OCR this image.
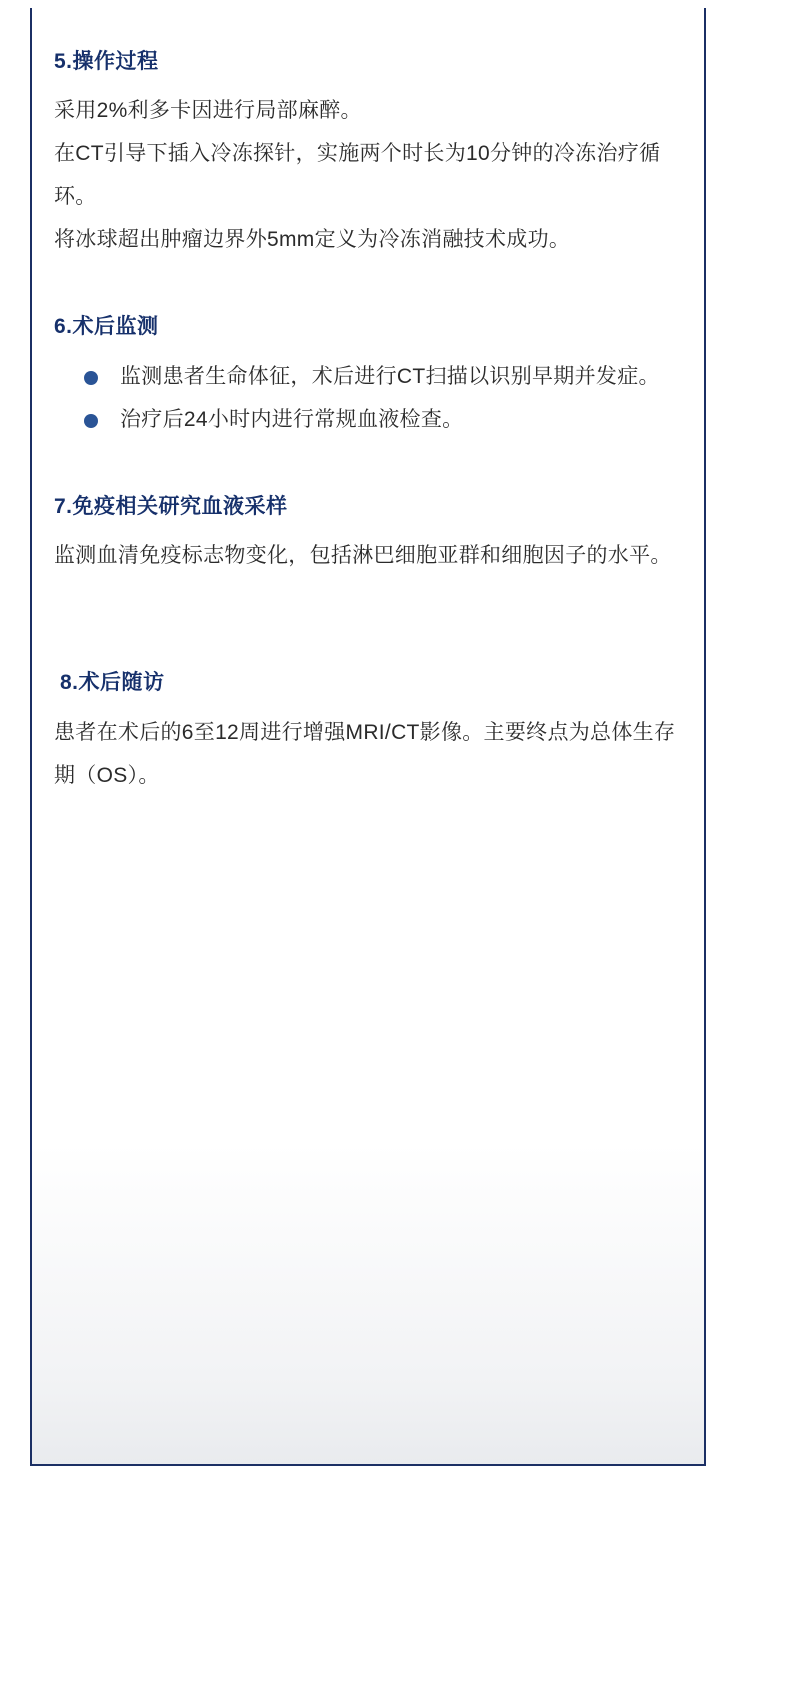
5.操作过程

采用2%利多卡因进行局部麻醉。

在CT引导下插入冷冻探针，实施两个时长为10分钟的冷冻治疗循环。

将冰球超出肿瘤边界外5mm定义为冷冻消融技术成功。

6.术后监测
监测患者生命体征，术后进行CT扫描以识别早期并发症。
治疗后24小时内进行常规血液检查。
7.免疫相关研究血液采样

监测血清免疫标志物变化，包括淋巴细胞亚群和细胞因子的水平。

8.术后随访

患者在术后的6至12周进行增强MRI/CT影像。主要终点为总体生存期（OS）。
